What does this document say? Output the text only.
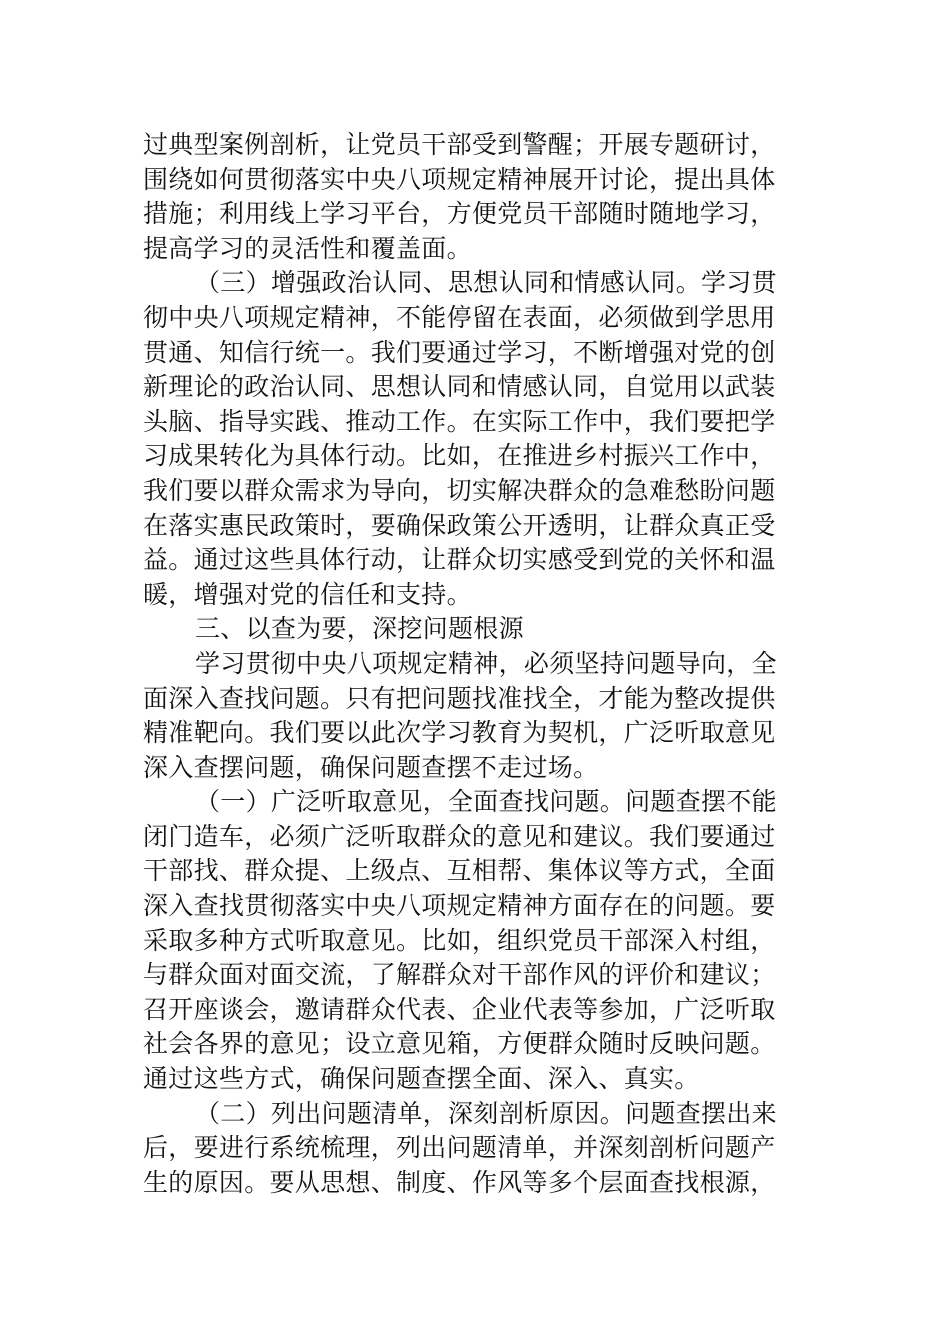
过典型案例剖析，让党员干部受到警醒；开展专题研讨，
围绕如何贯彻落实中央八项规定精神展开讨论，提出具体
措施；利用线上学习平台，方便党员干部随时随地学习，
提高学习的灵活性和覆盖面。
（三）增强政治认同、思想认同和情感认同。学习贯
彻中央八项规定精神，不能停留在表面，必须做到学思用
贯通、知信行统一。我们要通过学习，不断增强对党的创
新理论的政治认同、思想认同和情感认同，自觉用以武装
头脑、指导实践、推动工作。在实际工作中，我们要把学
习成果转化为具体行动。比如，在推进乡村振兴工作中，
我们要以群众需求为导向，切实解决群众的急难愁盼问题
在落实惠民政策时，要确保政策公开透明，让群众真正受
益。通过这些具体行动，让群众切实感受到党的关怀和温
暖，增强对党的信任和支持。
三、以查为要，深挖问题根源
学习贯彻中央八项规定精神，必须坚持问题导向，全
面深入查找问题。只有把问题找准找全，才能为整改提供
精准靶向。我们要以此次学习教育为契机，广泛听取意见
深入查摆问题，确保问题查摆不走过场。
（一）广泛听取意见，全面查找问题。问题查摆不能
闭门造车，必须广泛听取群众的意见和建议。我们要通过
干部找、群众提、上级点、互相帮、集体议等方式，全面
深入查找贯彻落实中央八项规定精神方面存在的问题。要
采取多种方式听取意见。比如，组织党员干部深入村组，
与群众面对面交流，了解群众对干部作风的评价和建议；
召开座谈会，邀请群众代表、企业代表等参加，广泛听取
社会各界的意见；设立意见箱，方便群众随时反映问题。
通过这些方式，确保问题查摆全面、深入、真实。
（二）列出问题清单，深刻剖析原因。问题查摆出来
后，要进行系统梳理，列出问题清单，并深刻剖析问题产
生的原因。要从思想、制度、作风等多个层面查找根源，
